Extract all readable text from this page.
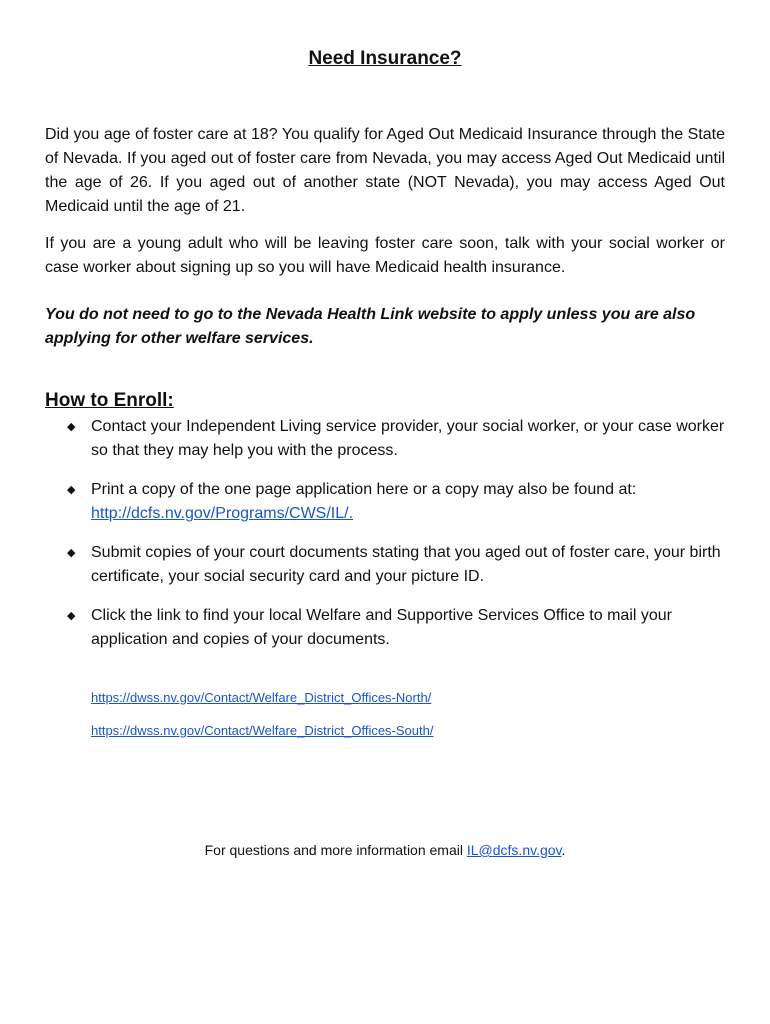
Need Insurance?

Did you age of foster care at 18? You qualify for Aged Out Medicaid Insurance through the State of Nevada. If you aged out of foster care from Nevada, you may access Aged Out Medicaid until the age of 26. If you aged out of another state (NOT Nevada), you may access Aged Out Medicaid until the age of 21.

If you are a young adult who will be leaving foster care soon, talk with your social worker or case worker about signing up so you will have Medicaid health insurance.

You do not need to go to the Nevada Health Link website to apply unless you are also applying for other welfare services.

How to Enroll:
◆ Contact your Independent Living service provider, your social worker, or your case worker so that they may help you with the process.
◆ Print a copy of the one page application here or a copy may also be found at:
http://dcfs.nv.gov/Programs/CWS/IL/.
◆ Submit copies of your court documents stating that you aged out of foster care, your birth certificate, your social security card and your picture ID.
◆ Click the link to find your local Welfare and Supportive Services Office to mail your application and copies of your documents.
https://dwss.nv.gov/Contact/Welfare_District_Offices-North/
https://dwss.nv.gov/Contact/Welfare_District_Offices-South/
For questions and more information email IL@dcfs.nv.gov.
